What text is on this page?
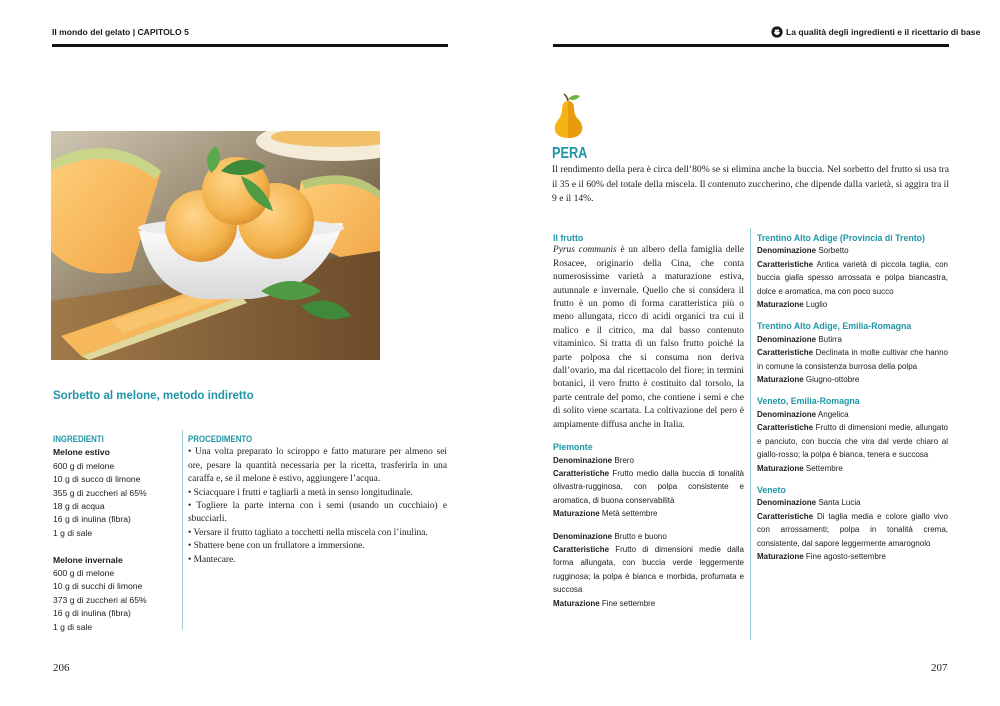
Il mondo del gelato | CAPITOLO 5
Sorbetto al melone, metodo indiretto
INGREDIENTI
Melone estivo
600 g di melone
10 g di succo di limone
355 g di zuccheri al 65%
18 g di acqua
16 g di inulina (fibra)
1 g di sale
Melone invernale
600 g di melone
10 g di succhi di limone
373 g di zuccheri al 65%
16 g di inulina (fibra)
1 g di sale
PROCEDIMENTO
• Una volta preparato lo sciroppo e fatto maturare per almeno sei ore, pesare la quantità necessaria per la ricetta, trasferirla in una caraffa e, se il melone è estivo, aggiungere l’acqua.
• Sciacquare i frutti e tagliarli a metà in senso longitudinale.
• Togliere la parte interna con i semi (usando un cucchiaio) e sbucciarli.
• Versare il frutto tagliato a tocchetti nella miscela con l’inulina.
• Sbattere bene con un frullatore a immersione.
• Mantecare.
206
La qualità degli ingredienti e il ricettario di base
PERA

Il rendimento della pera è circa dell’80% se si elimina anche la buccia. Nel sorbetto del frutto si usa tra il 35 e il 60% del totale della miscela. Il contenuto zuccherino, che dipende dalla varietà, si aggira tra il 9 e il 14%.

Il frutto

Pyrus communis è un albero della famiglia delle Rosacee, originario della Cina, che conta numerosissime varietà a maturazione estiva, autunnale e invernale. Quello che si considera il frutto è un pomo di forma caratteristica più o meno allungata, ricco di acidi organici tra cui il malico e il citrico, ma dal basso contenuto vitaminico. Si tratta di un falso frutto poiché la parte polposa che si consuma non deriva dall’ovario, ma dal ricettacolo del fiore; in termini botanici, il vero frutto è costituito dal torsolo, la parte centrale del pomo, che contiene i semi e che di solito viene scartata. La coltivazione del pero è ampiamente diffusa anche in Italia.

Piemonte
Denominazione Brero
Caratteristiche Frutto medio dalla buccia di tonalità olivastra-rugginosa, con polpa consistente e aromatica, di buona conservabilità
Maturazione Metà settembre
Denominazione Brutto e buono
Caratteristiche Frutto di dimensioni medie dalla forma allungata, con buccia verde leggermente rugginosa; la polpa è bianca e morbida, profumata e succosa
Maturazione Fine settembre
Trentino Alto Adige (Provincia di Trento)
Denominazione Sorbetto
Caratteristiche Antica varietà di piccola taglia, con buccia gialla spesso arrossata e polpa biancastra, dolce e aromatica, ma con poco succo
Maturazione Luglio
Trentino Alto Adige, Emilia-Romagna
Denominazione Butirra
Caratteristiche Declinata in molte cultivar che hanno in comune la consistenza burrosa della polpa
Maturazione Giugno-ottobre
Veneto, Emilia-Romagna
Denominazione Angelica
Caratteristiche Frutto di dimensioni medie, allungato e panciuto, con buccia che vira dal verde chiaro al giallo-rosso; la polpa è bianca, tenera e succosa
Maturazione Settembre
Veneto
Denominazione Santa Lucia
Caratteristiche Di taglia media e colore giallo vivo con arrossamenti; polpa in tonalità crema, consistente, dal sapore leggermente amarognolo
Maturazione Fine agosto-settembre
207
